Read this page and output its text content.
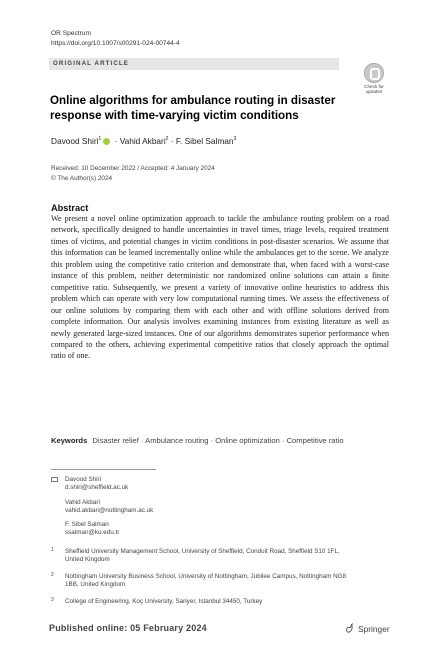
OR Spectrum
https://doi.org/10.1007/s00291-024-00744-4
ORIGINAL ARTICLE
Check for
updates
Online algorithms for ambulance routing in disaster response with time-varying victim conditions
Davood Shiri$^1$ · Vahid Akbari$^2$ · F. Sibel Salman$^3$
Received: 10 December 2022 / Accepted: 4 January 2024
© The Author(s) 2024
Abstract

We present a novel online optimization approach to tackle the ambulance routing problem on a road network, specifically designed to handle uncertainties in travel times, triage levels, required treatment times of victims, and potential changes in victim conditions in post-disaster scenarios. We assume that this information can be learned incrementally online while the ambulances get to the scene. We analyze this problem using the competitive ratio criterion and demonstrate that, when faced with a worst-case instance of this problem, neither deterministic nor randomized online solutions can attain a finite competitive ratio. Subsequently, we present a variety of innovative online heuristics to address this problem which can operate with very low computational running times. We assess the effectiveness of our online solutions by comparing them with each other and with offline solutions derived from complete information. Our analysis involves examining instances from existing literature as well as newly generated large-sized instances. One of our algorithms demonstrates superior performance when compared to the others, achieving experimental competitive ratios that closely approach the optimal ratio of one.

Keywords Disaster relief · Ambulance routing · Online optimization · Competitive ratio
Davood Shiri
d.shiri@sheffield.ac.uk
Vahid Akbari
vahid.akbari@nottingham.ac.uk
F. Sibel Salman
ssalman@ku.edu.tr
1	Sheffield University Management School, University of Sheffield, Conduit Road, Sheffield S10 1FL, United Kingdom
2	Nottingham University Business School, University of Nottingham, Jubilee Campus, Nottingham NG8 1BB, United Kingdom
3	College of Engineering, Koç University, Sariyer, Istanbul 34450, Turkey
Published online: 05 February 2024	Springer
